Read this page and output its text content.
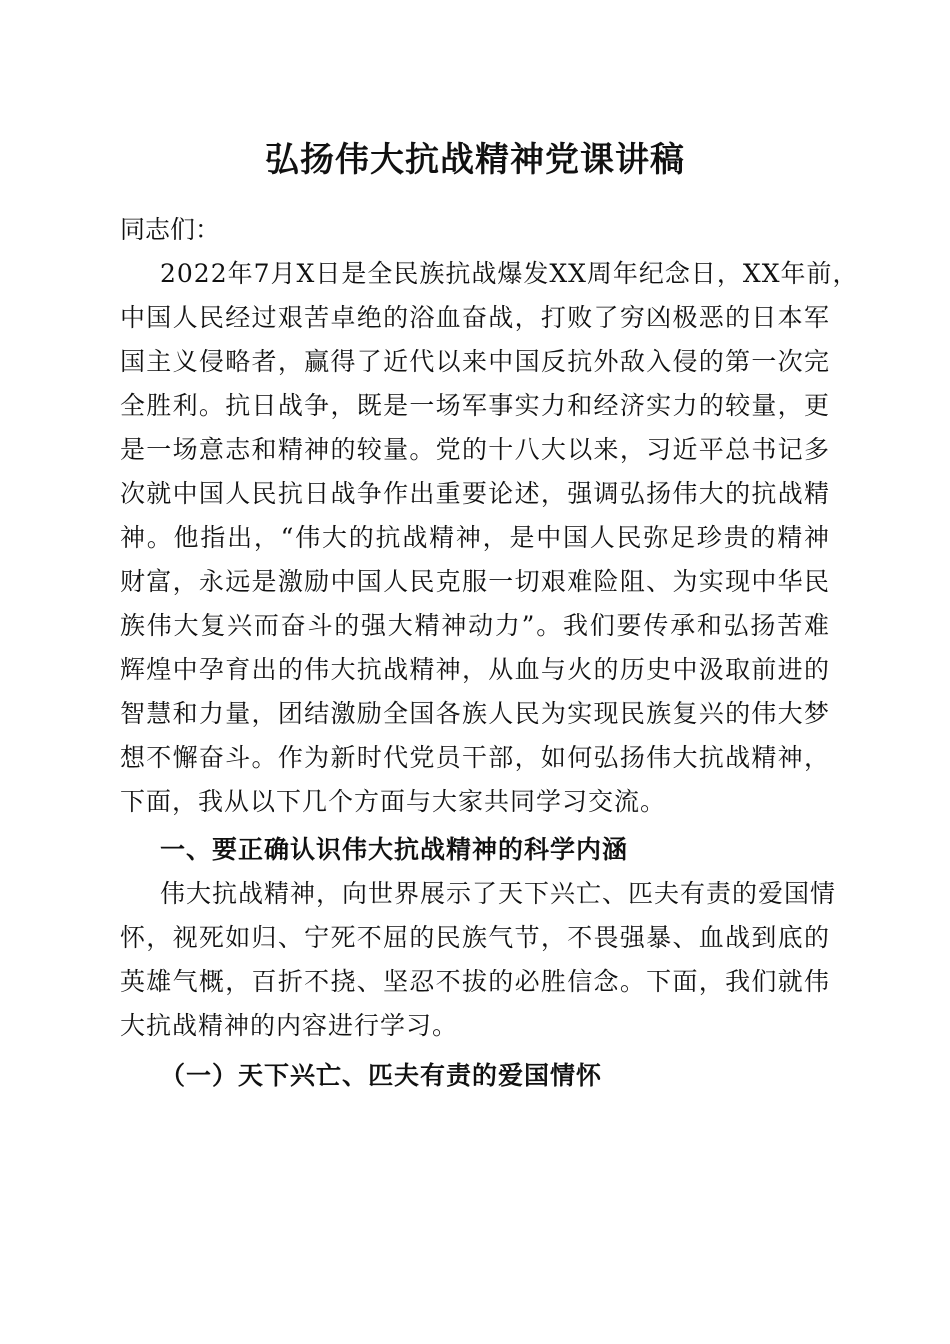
弘扬伟大抗战精神党课讲稿

同志们：

2022年7月X日是全民族抗战爆发XX周年纪念日，XX年前，

中国人民经过艰苦卓绝的浴血奋战，打败了穷凶极恶的日本军

国主义侵略者，赢得了近代以来中国反抗外敌入侵的第一次完

全胜利。抗日战争，既是一场军事实力和经济实力的较量，更

是一场意志和精神的较量。党的十八大以来，习近平总书记多

次就中国人民抗日战争作出重要论述，强调弘扬伟大的抗战精

神。他指出，“伟大的抗战精神，是中国人民弥足珍贵的精神

财富，永远是激励中国人民克服一切艰难险阻、为实现中华民

族伟大复兴而奋斗的强大精神动力”。我们要传承和弘扬苦难

辉煌中孕育出的伟大抗战精神，从血与火的历史中汲取前进的

智慧和力量，团结激励全国各族人民为实现民族复兴的伟大梦

想不懈奋斗。作为新时代党员干部，如何弘扬伟大抗战精神，

下面，我从以下几个方面与大家共同学习交流。

一、要正确认识伟大抗战精神的科学内涵

伟大抗战精神，向世界展示了天下兴亡、匹夫有责的爱国情

怀，视死如归、宁死不屈的民族气节，不畏强暴、血战到底的

英雄气概，百折不挠、坚忍不拔的必胜信念。下面，我们就伟

大抗战精神的内容进行学习。

（一）天下兴亡、匹夫有责的爱国情怀
